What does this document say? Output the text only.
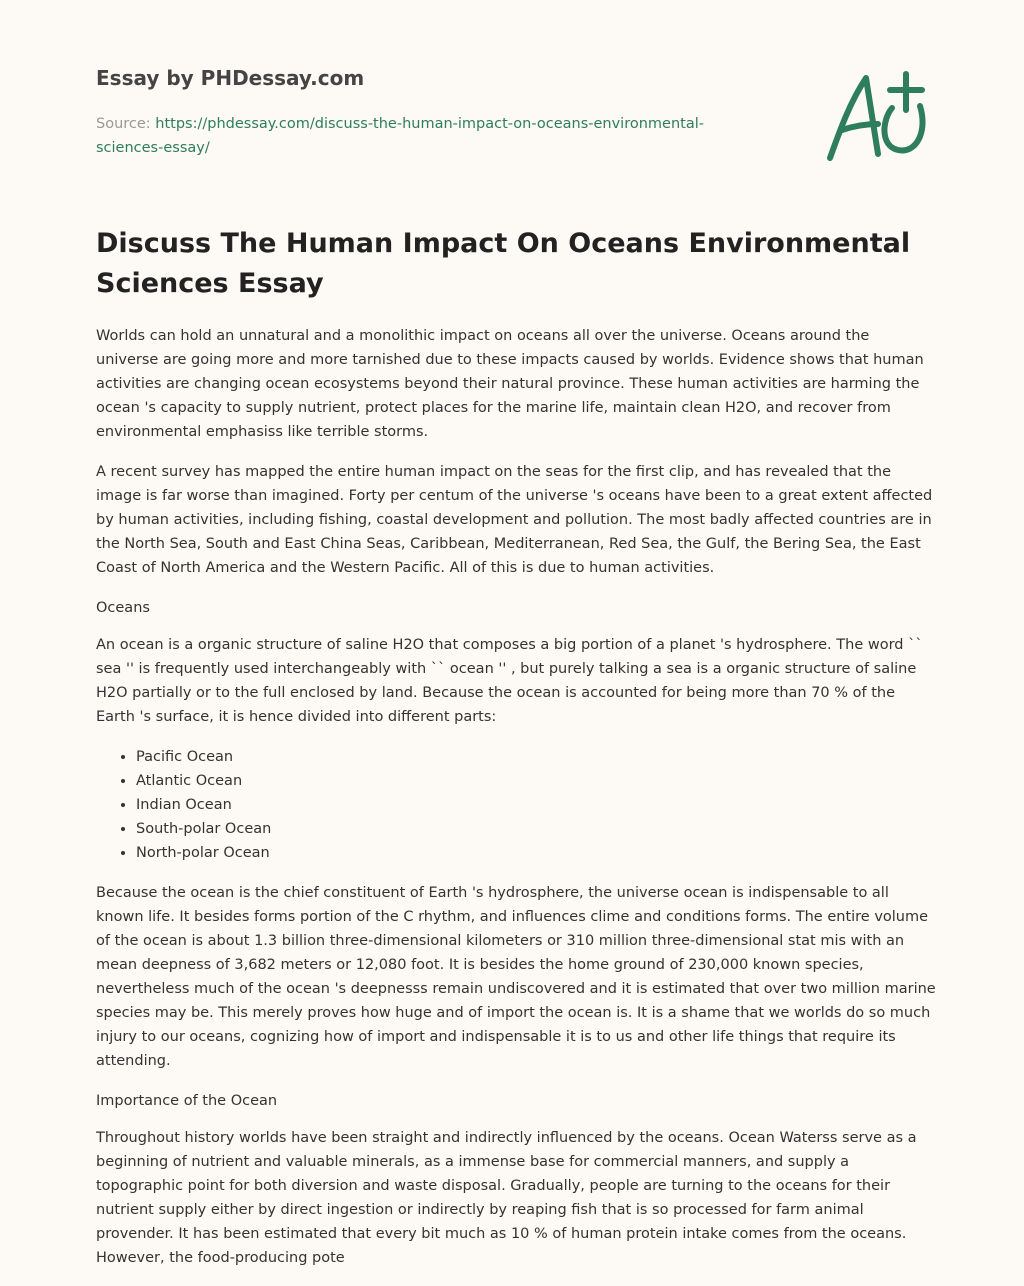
Essay by PHDessay.com
Source: https://phdessay.com/discuss-the-human-impact-on-oceans-environmental-sciences-essay/
Discuss The Human Impact On Oceans Environmental Sciences Essay

Worlds can hold an unnatural and a monolithic impact on oceans all over the universe. Oceans around the universe are going more and more tarnished due to these impacts caused by worlds. Evidence shows that human activities are changing ocean ecosystems beyond their natural province. These human activities are harming the ocean 's capacity to supply nutrient, protect places for the marine life, maintain clean H2O, and recover from environmental emphasiss like terrible storms.

A recent survey has mapped the entire human impact on the seas for the first clip, and has revealed that the image is far worse than imagined. Forty per centum of the universe 's oceans have been to a great extent affected by human activities, including fishing, coastal development and pollution. The most badly affected countries are in the North Sea, South and East China Seas, Caribbean, Mediterranean, Red Sea, the Gulf, the Bering Sea, the East Coast of North America and the Western Pacific. All of this is due to human activities.

Oceans

An ocean is a organic structure of saline H2O that composes a big portion of a planet 's hydrosphere. The word `` sea '' is frequently used interchangeably with `` ocean '' , but purely talking a sea is a organic structure of saline H2O partially or to the full enclosed by land. Because the ocean is accounted for being more than 70 % of the Earth 's surface, it is hence divided into different parts:

• Pacific Ocean
• Atlantic Ocean
• Indian Ocean
• South-polar Ocean
• North-polar Ocean

Because the ocean is the chief constituent of Earth 's hydrosphere, the universe ocean is indispensable to all known life. It besides forms portion of the C rhythm, and influences clime and conditions forms. The entire volume of the ocean is about 1.3 billion three-dimensional kilometers or 310 million three-dimensional stat mis with an mean deepness of 3,682 meters or 12,080 foot. It is besides the home ground of 230,000 known species, nevertheless much of the ocean 's deepnesss remain undiscovered and it is estimated that over two million marine species may be. This merely proves how huge and of import the ocean is. It is a shame that we worlds do so much injury to our oceans, cognizing how of import and indispensable it is to us and other life things that require its attending.

Importance of the Ocean

Throughout history worlds have been straight and indirectly influenced by the oceans. Ocean Waterss serve as a beginning of nutrient and valuable minerals, as a immense base for commercial manners, and supply a topographic point for both diversion and waste disposal. Gradually, people are turning to the oceans for their nutrient supply either by direct ingestion or indirectly by reaping fish that is so processed for farm animal provender. It has been estimated that every bit much as 10 % of human protein intake comes from the oceans. However, the food-producing pote
